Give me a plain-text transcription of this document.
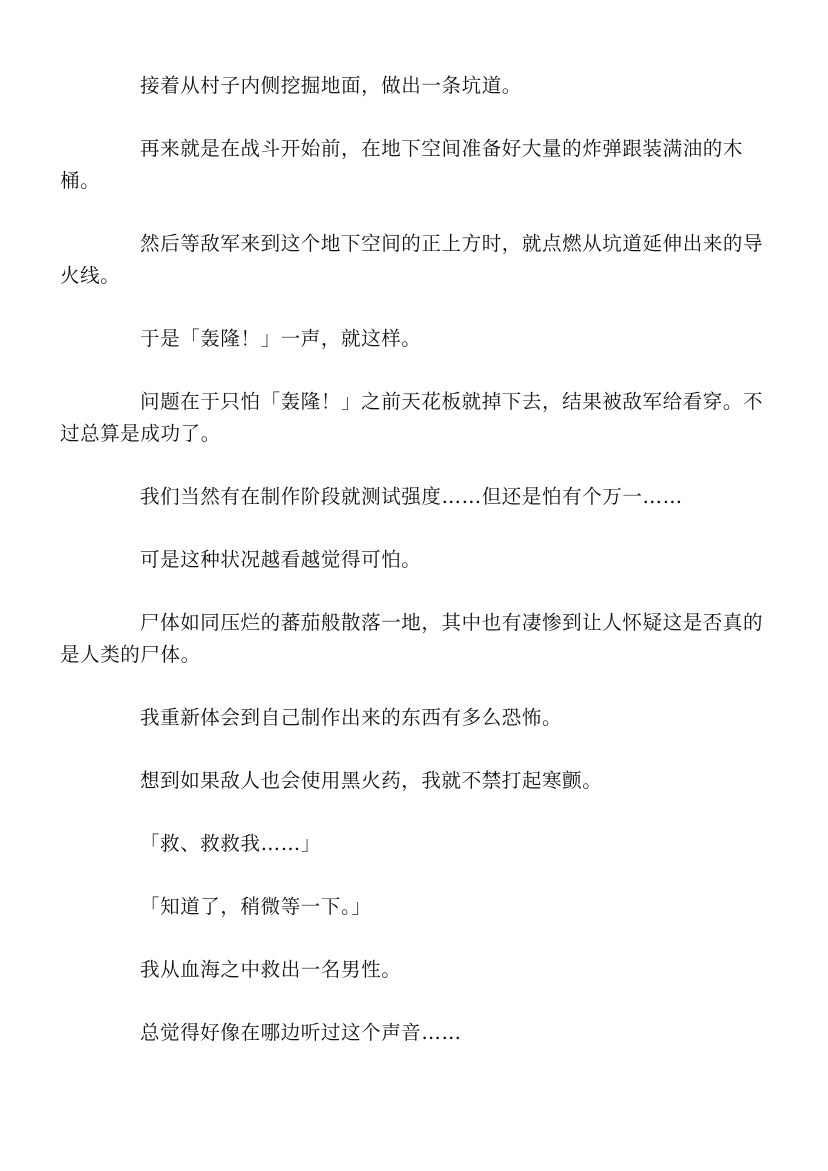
接着从村子内侧挖掘地面，做出一条坑道。

再来就是在战斗开始前，在地下空间准备好大量的炸弹跟装满油的木桶。

然后等敌军来到这个地下空间的正上方时，就点燃从坑道延伸出来的导火线。

于是「轰隆！」一声，就这样。

问题在于只怕「轰隆！」之前天花板就掉下去，结果被敌军给看穿。不过总算是成功了。

我们当然有在制作阶段就测试强度……但还是怕有个万一……

可是这种状况越看越觉得可怕。

尸体如同压烂的蕃茄般散落一地，其中也有凄惨到让人怀疑这是否真的是人类的尸体。

我重新体会到自己制作出来的东西有多么恐怖。

想到如果敌人也会使用黑火药，我就不禁打起寒颤。

「救、救救我……」

「知道了，稍微等一下。」

我从血海之中救出一名男性。

总觉得好像在哪边听过这个声音……
